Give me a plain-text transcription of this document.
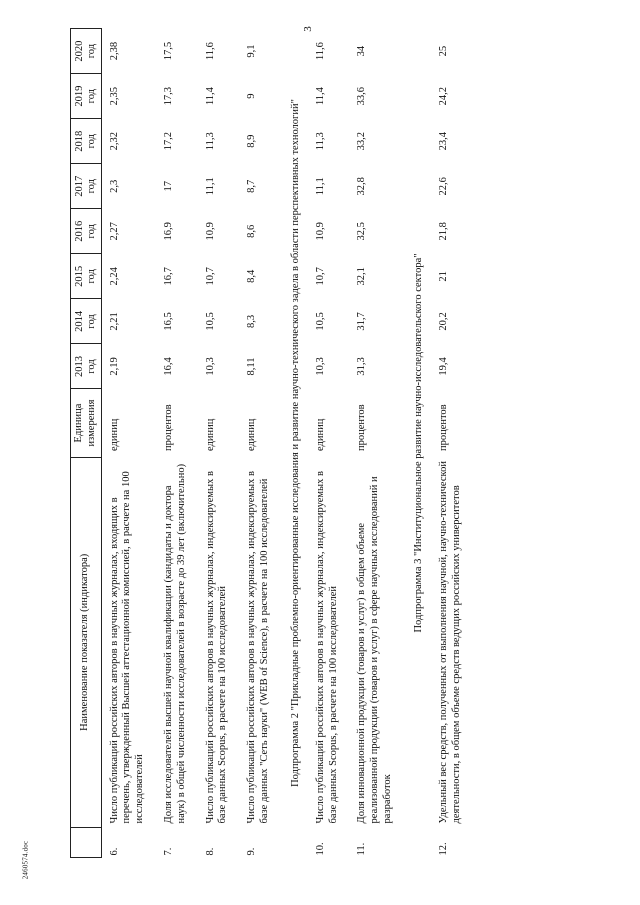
3
	Наименование показателя (индикатора)	Единица измерения	2013 год	2014 год	2015 год	2016 год	2017 год	2018 год	2019 год	2020 год

6.	Число публикаций российских авторов в научных журналах, входящих в перечень, утвержденный Высшей аттестационной комиссией, в расчете на 100 исследователей	единиц	2,19	2,21	2,24	2,27	2,3	2,32	2,35	2,38
7.	Доля исследователей высшей научной квалификации (кандидаты и доктора наук) в общей численности исследователей в возрасте до 39 лет (включительно)	процентов	16,4	16,5	16,7	16,9	17	17,2	17,3	17,5
8.	Число публикаций российских авторов в научных журналах, индексируемых в базе данных Scopus, в расчете на 100 исследователей	единиц	10,3	10,5	10,7	10,9	11,1	11,3	11,4	11,6
9.	Число публикаций российских авторов в научных журналах, индексируемых в базе данных "Сеть науки" (WEB of Science), в расчете на 100 исследователей	единиц	8,11	8,3	8,4	8,6	8,7	8,9	9	9,1
Подпрограмма 2 "Прикладные проблемно-ориентированные исследования и развитие научно-технического задела в области перспективных технологий"										
10.	Число публикаций российских авторов в научных журналах, индексируемых в базе данных Scopus, в расчете на 100 исследователей	единиц	10,3	10,5	10,7	10,9	11,1	11,3	11,4	11,6
11.	Доля инновационной продукции (товаров и услуг) в общем объеме реализованной продукции (товаров и услуг) в сфере научных исследований и разработок	процентов	31,3	31,7	32,1	32,5	32,8	33,2	33,6	34
Подпрограмма 3 "Институциональное развитие научно-исследовательского сектора"										
12.	Удельный вес средств, полученных от выполнения научной, научно-технической деятельности, в общем объеме средств ведущих российских университетов	процентов	19,4	20,2	21	21,8	22,6	23,4	24,2	25
2460574.doc
